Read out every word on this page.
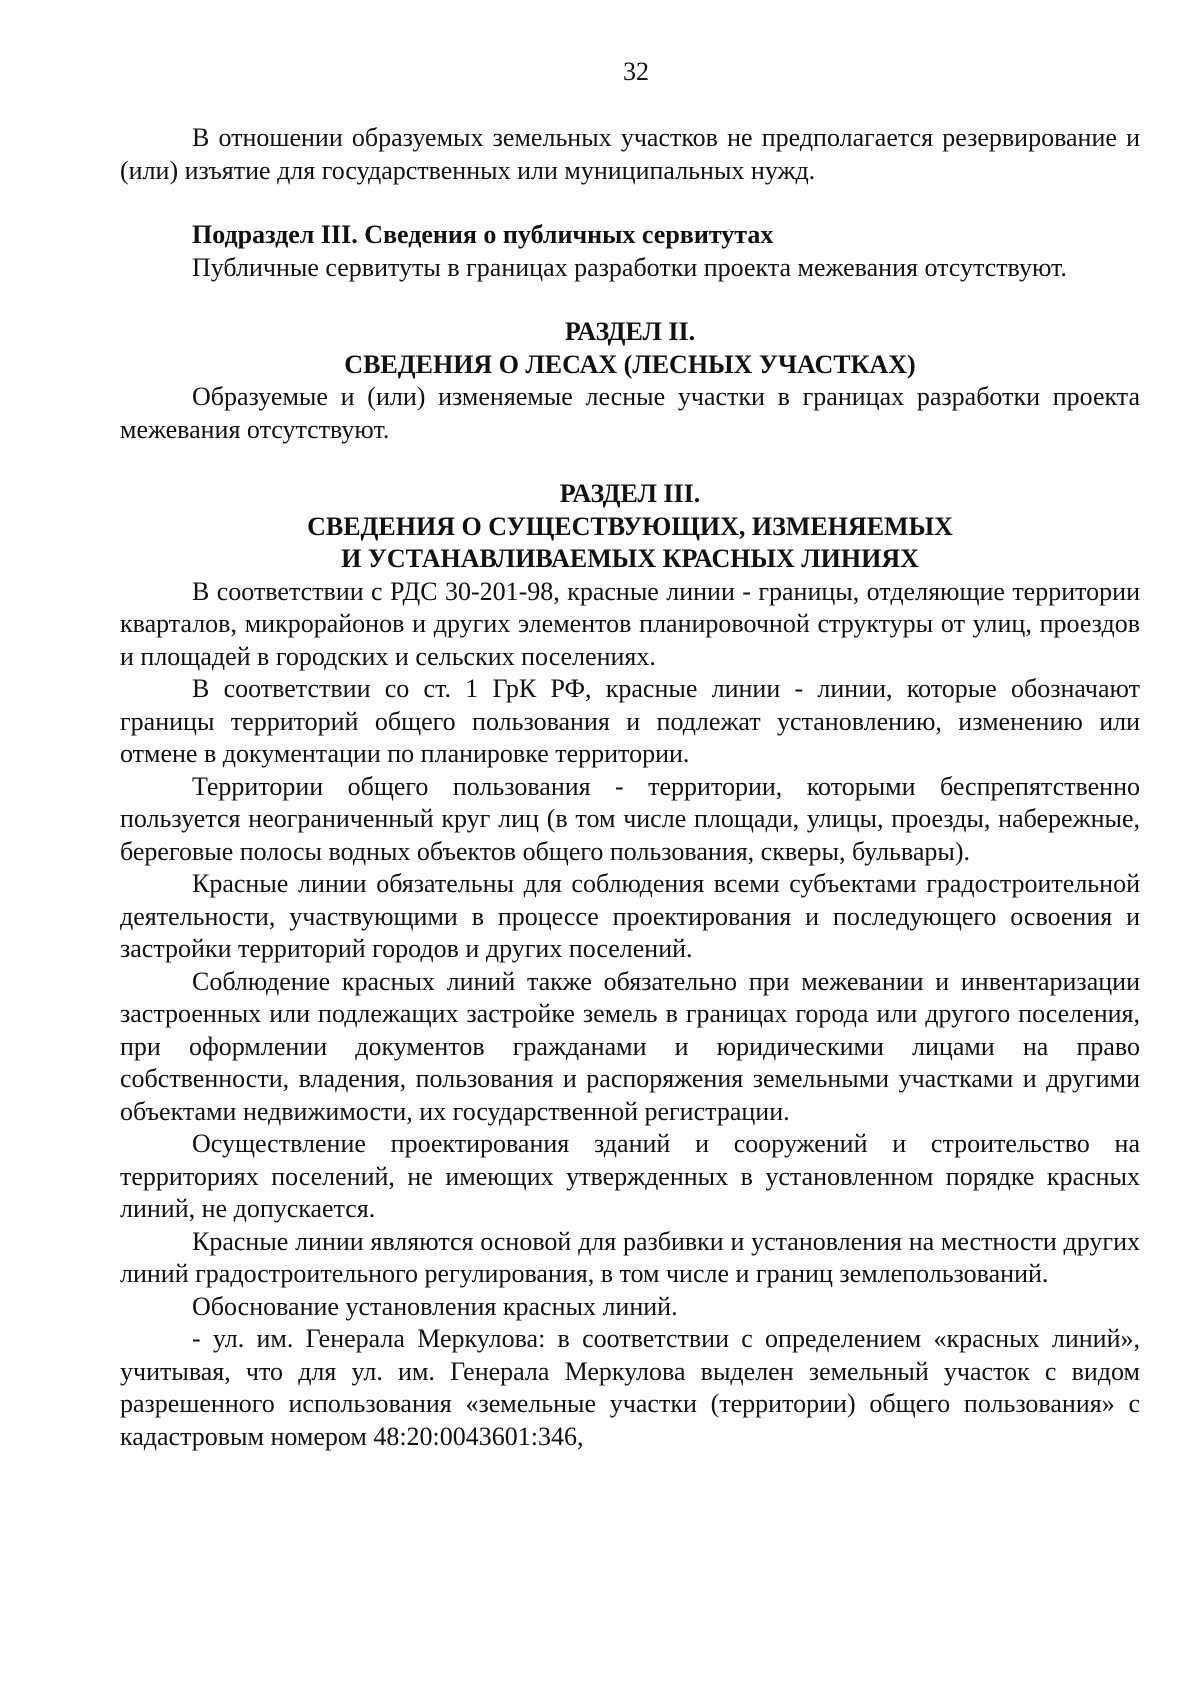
32

В отношении образуемых земельных участков не предполагается резервирование и (или) изъятие для государственных или муниципальных нужд.

Подраздел III. Сведения о публичных сервитутах

Публичные сервитуты в границах разработки проекта межевания отсутствуют.

РАЗДЕЛ II.
СВЕДЕНИЯ О ЛЕСАХ (ЛЕСНЫХ УЧАСТКАХ)

Образуемые и (или) изменяемые лесные участки в границах разработки проекта межевания отсутствуют.

РАЗДЕЛ III.
СВЕДЕНИЯ О СУЩЕСТВУЮЩИХ, ИЗМЕНЯЕМЫХ
И УСТАНАВЛИВАЕМЫХ КРАСНЫХ ЛИНИЯХ

В соответствии с РДС 30-201-98, красные линии - границы, отделяющие территории кварталов, микрорайонов и других элементов планировочной структуры от улиц, проездов и площадей в городских и сельских поселениях.

В соответствии со ст. 1 ГрК РФ, красные линии - линии, которые обозначают границы территорий общего пользования и подлежат установлению, изменению или отмене в документации по планировке территории.

Территории общего пользования - территории, которыми беспрепятственно пользуется неограниченный круг лиц (в том числе площади, улицы, проезды, набережные, береговые полосы водных объектов общего пользования, скверы, бульвары).

Красные линии обязательны для соблюдения всеми субъектами градостроительной деятельности, участвующими в процессе проектирования и последующего освоения и застройки территорий городов и других поселений.

Соблюдение красных линий также обязательно при межевании и инвентаризации застроенных или подлежащих застройке земель в границах города или другого поселения, при оформлении документов гражданами и юридическими лицами на право собственности, владения, пользования и распоряжения земельными участками и другими объектами недвижимости, их государственной регистрации.

Осуществление проектирования зданий и сооружений и строительство на территориях поселений, не имеющих утвержденных в установленном порядке красных линий, не допускается.

Красные линии являются основой для разбивки и установления на местности других линий градостроительного регулирования, в том числе и границ землепользований.

Обоснование установления красных линий.

- ул. им. Генерала Меркулова: в соответствии с определением «красных линий», учитывая, что для ул. им. Генерала Меркулова выделен земельный участок с видом разрешенного использования «земельные участки (территории) общего пользования» с кадастровым номером 48:20:0043601:346,
